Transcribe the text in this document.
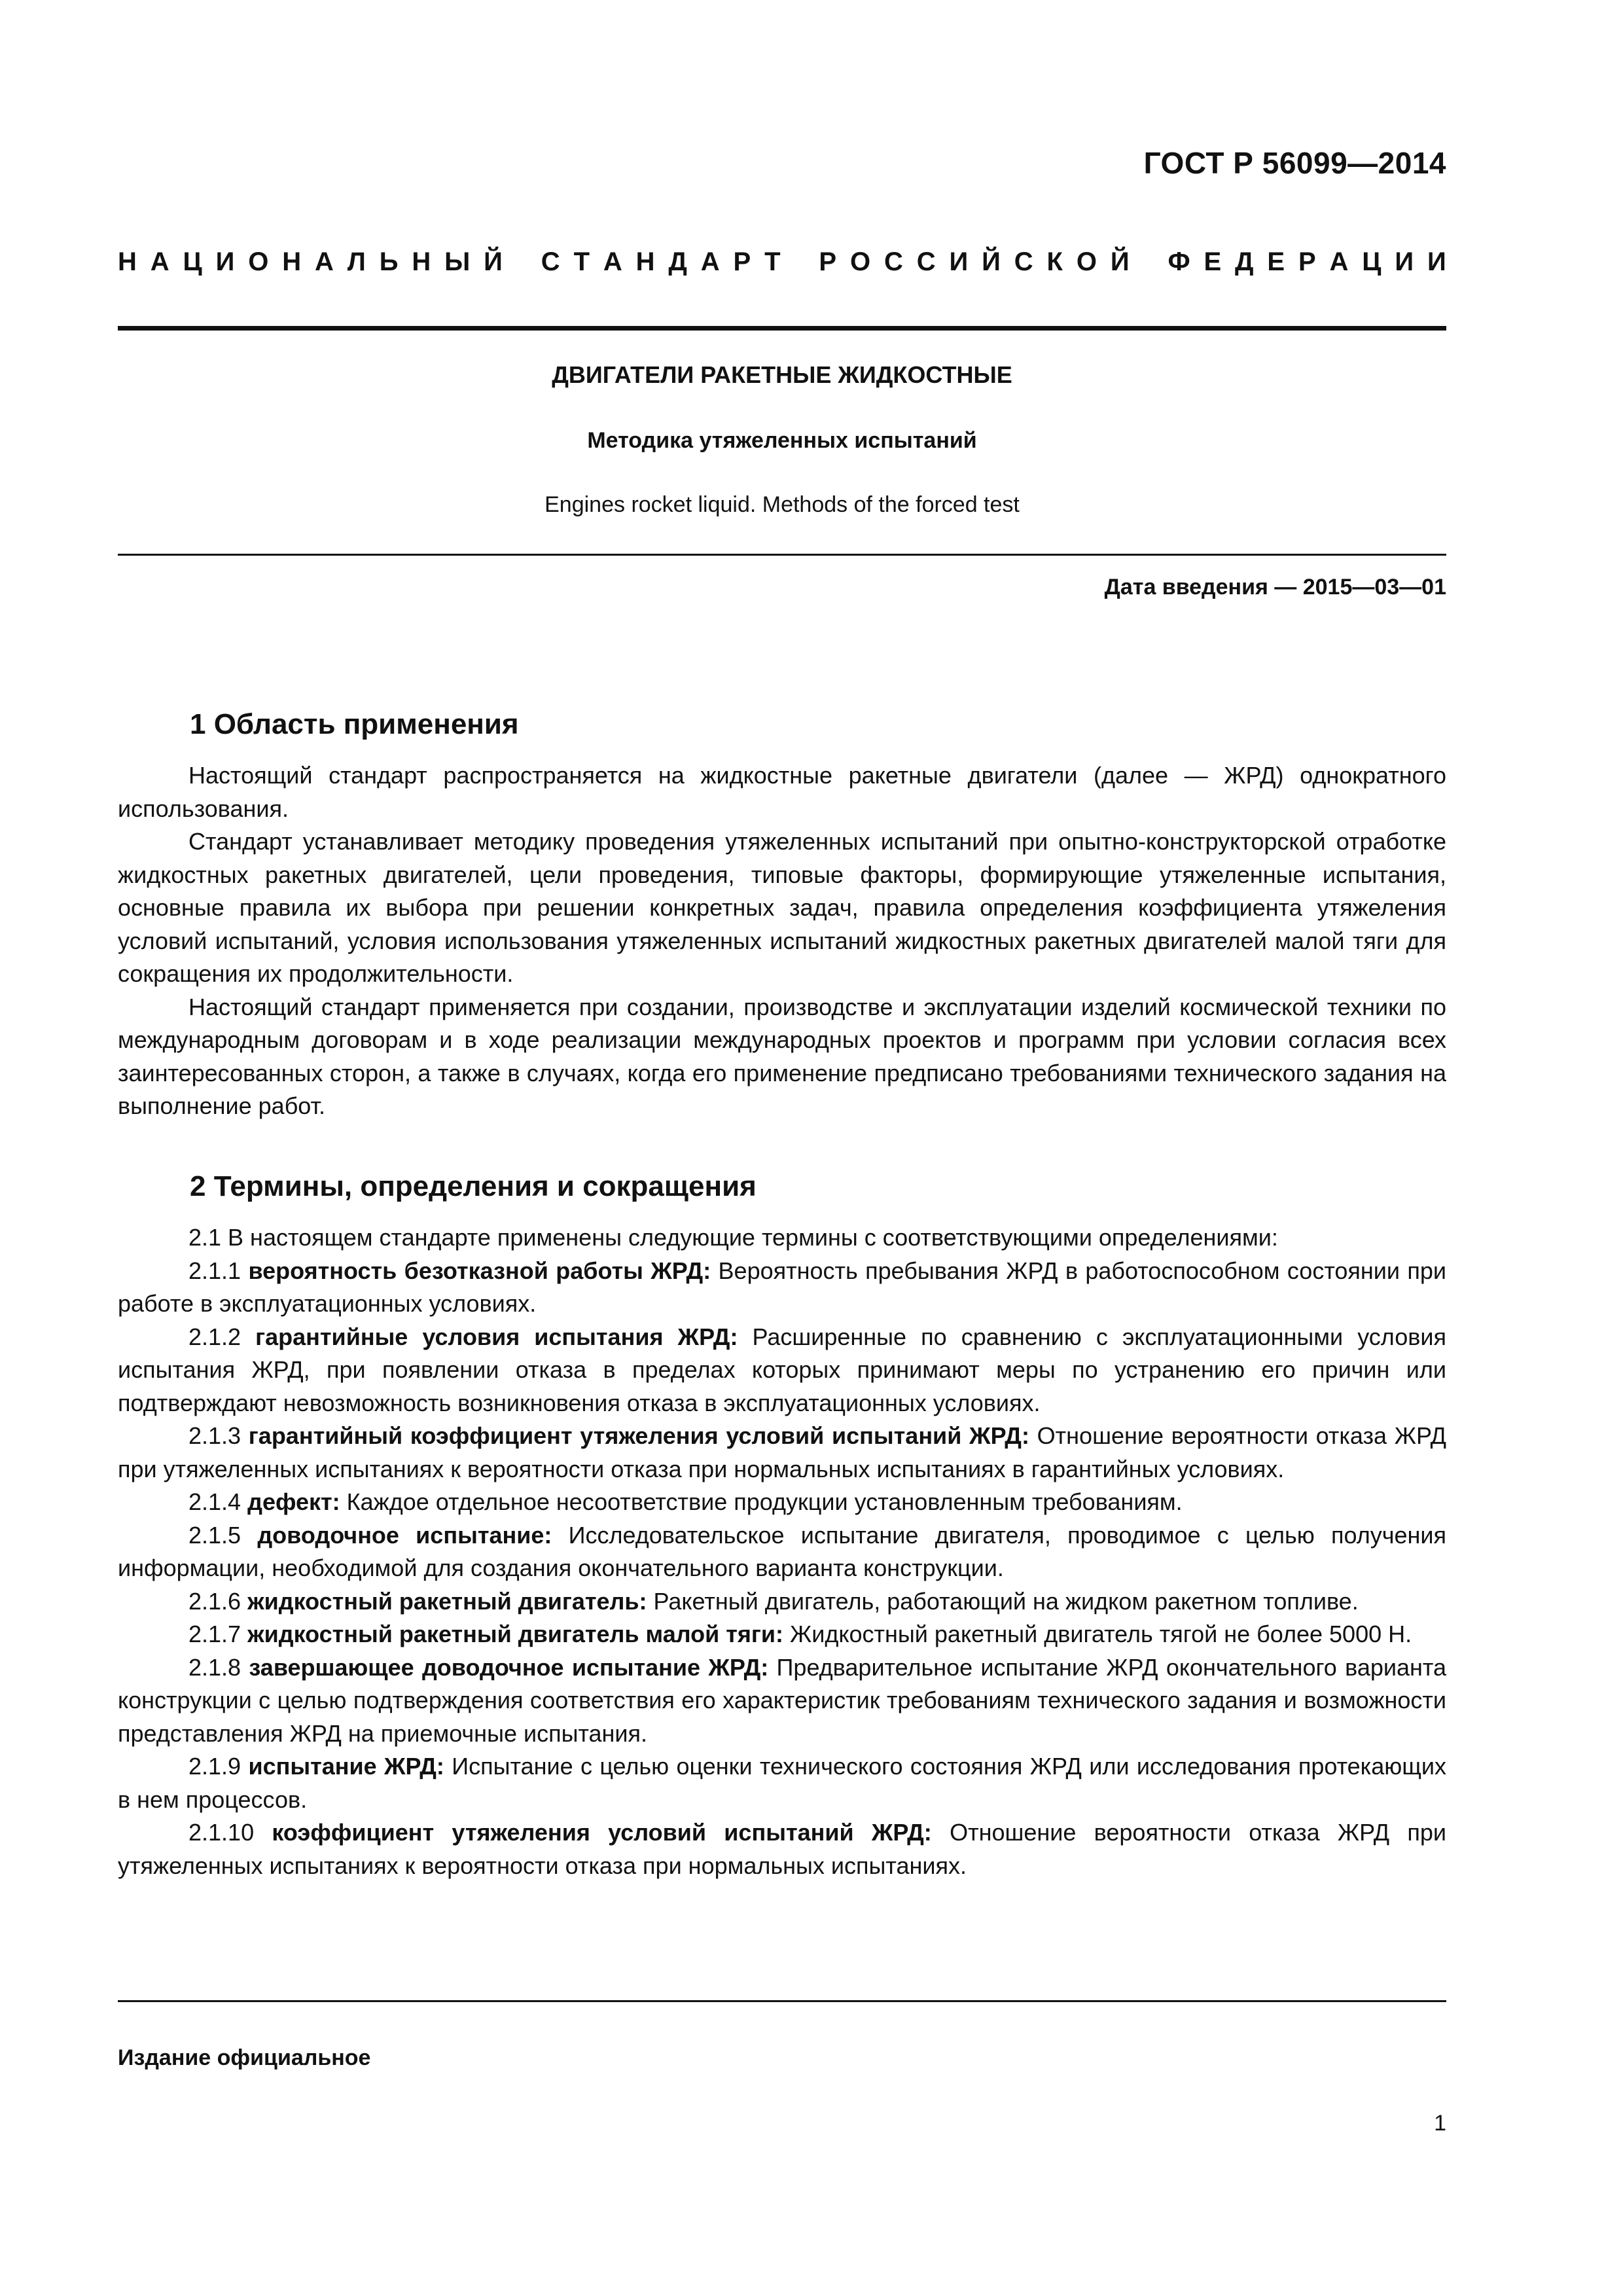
ГОСТ Р 56099—2014
Н А Ц И О Н А Л Ь Н Ы Й
С Т А Н Д А Р Т
Р О С С И Й С К О Й
Ф Е Д Е Р А Ц И И
ДВИГАТЕЛИ РАКЕТНЫЕ ЖИДКОСТНЫЕ
Методика утяжеленных испытаний
Engines rocket liquid. Methods of the forced test
Дата введения — 2015—03—01
1 Область применения

Настоящий стандарт распространяется на жидкостные ракетные двигатели (далее — ЖРД) однократного использования.

Стандарт устанавливает методику проведения утяжеленных испытаний при опытно-конструкторской отработке жидкостных ракетных двигателей, цели проведения, типовые факторы, формирующие утяжеленные испытания, основные правила их выбора при решении конкретных задач, правила определения коэффициента утяжеления условий испытаний, условия использования утяжеленных испытаний жидкостных ракетных двигателей малой тяги для сокращения их продолжительности.

Настоящий стандарт применяется при создании, производстве и эксплуатации изделий космической техники по международным договорам и в ходе реализации международных проектов и программ при условии согласия всех заинтересованных сторон, а также в случаях, когда его применение предписано требованиями технического задания на выполнение работ.

2 Термины, определения и сокращения

2.1 В настоящем стандарте применены следующие термины с соответствующими определениями:

2.1.1 вероятность безотказной работы ЖРД: Вероятность пребывания ЖРД в работоспособном состоянии при работе в эксплуатационных условиях.

2.1.2 гарантийные условия испытания ЖРД: Расширенные по сравнению с эксплуатационными условия испытания ЖРД, при появлении отказа в пределах которых принимают меры по устранению его причин или подтверждают невозможность возникновения отказа в эксплуатационных условиях.

2.1.3 гарантийный коэффициент утяжеления условий испытаний ЖРД: Отношение вероятности отказа ЖРД при утяжеленных испытаниях к вероятности отказа при нормальных испытаниях в гарантийных условиях.

2.1.4 дефект: Каждое отдельное несоответствие продукции установленным требованиям.

2.1.5 доводочное испытание: Исследовательское испытание двигателя, проводимое с целью получения информации, необходимой для создания окончательного варианта конструкции.

2.1.6 жидкостный ракетный двигатель: Ракетный двигатель, работающий на жидком ракетном топливе.

2.1.7 жидкостный ракетный двигатель малой тяги: Жидкостный ракетный двигатель тягой не более 5000 Н.

2.1.8 завершающее доводочное испытание ЖРД: Предварительное испытание ЖРД окончательного варианта конструкции с целью подтверждения соответствия его характеристик требованиям технического задания и возможности представления ЖРД на приемочные испытания.

2.1.9 испытание ЖРД: Испытание с целью оценки технического состояния ЖРД или исследования протекающих в нем процессов.

2.1.10 коэффициент утяжеления условий испытаний ЖРД: Отношение вероятности отказа ЖРД при утяжеленных испытаниях к вероятности отказа при нормальных испытаниях.

Издание официальное
1
